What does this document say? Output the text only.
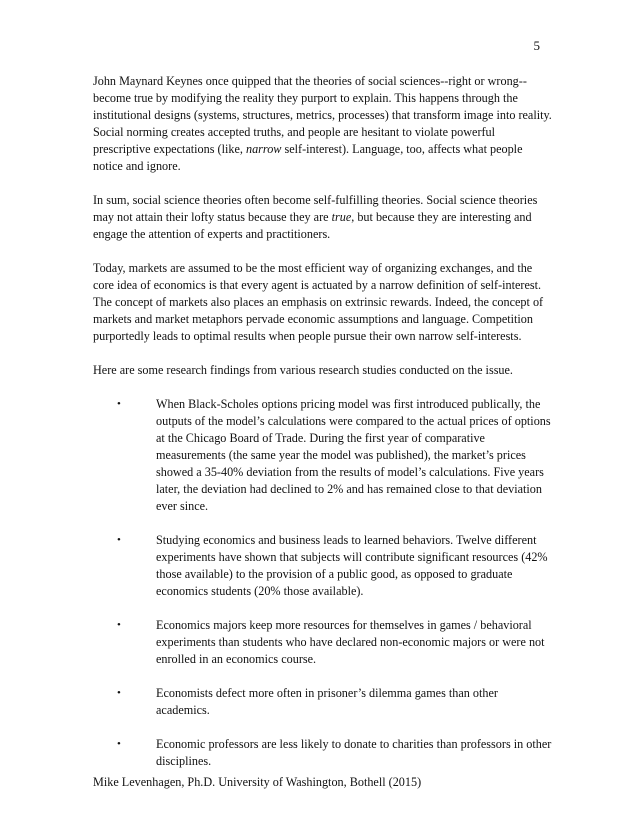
5

John Maynard Keynes once quipped that the theories of social sciences--right or wrong--become true by modifying the reality they purport to explain. This happens through the institutional designs (systems, structures, metrics, processes) that transform image into reality. Social norming creates accepted truths, and people are hesitant to violate powerful prescriptive expectations (like, narrow self-interest). Language, too, affects what people notice and ignore.

In sum, social science theories often become self-fulfilling theories. Social science theories may not attain their lofty status because they are true, but because they are interesting and engage the attention of experts and practitioners.

Today, markets are assumed to be the most efficient way of organizing exchanges, and the core idea of economics is that every agent is actuated by a narrow definition of self-interest. The concept of markets also places an emphasis on extrinsic rewards. Indeed, the concept of markets and market metaphors pervade economic assumptions and language. Competition purportedly leads to optimal results when people pursue their own narrow self-interests.

Here are some research findings from various research studies conducted on the issue.

•	When Black-Scholes options pricing model was first introduced publically, the outputs of the model’s calculations were compared to the actual prices of options at the Chicago Board of Trade. During the first year of comparative measurements (the same year the model was published), the market’s prices showed a 35-40% deviation from the results of model’s calculations. Five years later, the deviation had declined to 2% and has remained close to that deviation ever since.
•	Studying economics and business leads to learned behaviors. Twelve different experiments have shown that subjects will contribute significant resources (42% those available) to the provision of a public good, as opposed to graduate economics students (20% those available).
•	Economics majors keep more resources for themselves in games / behavioral experiments than students who have declared non-economic majors or were not enrolled in an economics course.
•	Economists defect more often in prisoner’s dilemma games than other academics.
•	Economic professors are less likely to donate to charities than professors in other disciplines.
Mike Levenhagen, Ph.D. University of Washington, Bothell (2015)
